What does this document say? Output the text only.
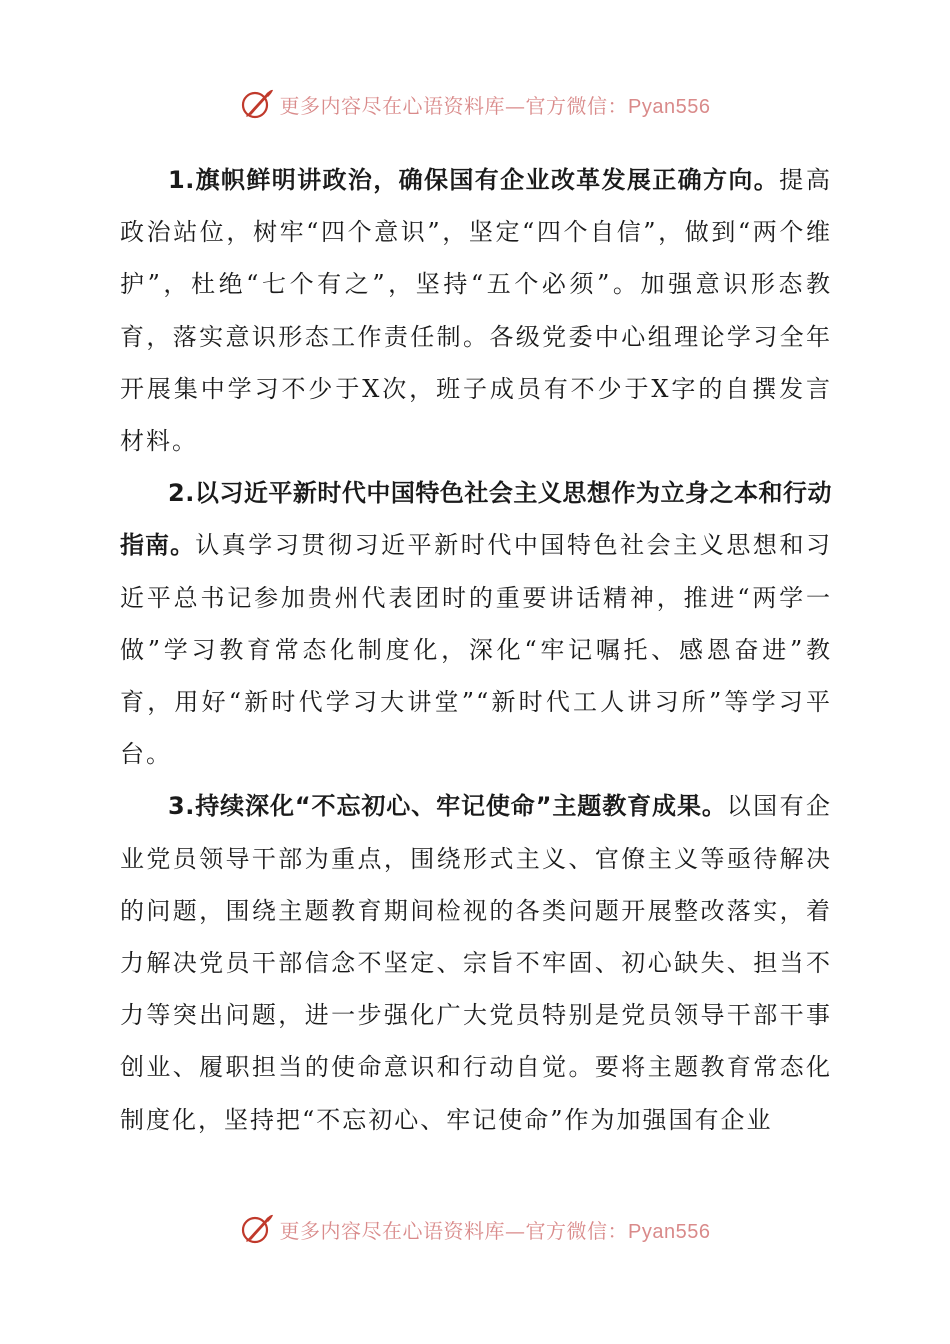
更多内容尽在心语资料库—官方微信：Pyan556

1.旗帜鲜明讲政治，确保国有企业改革发展正确方向。提高政治站位，树牢“四个意识”，坚定“四个自信”，做到“两个维护”，杜绝“七个有之”，坚持“五个必须”。加强意识形态教育，落实意识形态工作责任制。各级党委中心组理论学习全年开展集中学习不少于X次，班子成员有不少于X字的自撰发言材料。

2.以习近平新时代中国特色社会主义思想作为立身之本和行动指南。认真学习贯彻习近平新时代中国特色社会主义思想和习近平总书记参加贵州代表团时的重要讲话精神，推进“两学一做”学习教育常态化制度化，深化“牢记嘱托、感恩奋进”教育，用好“新时代学习大讲堂”“新时代工人讲习所”等学习平台。

3.持续深化“不忘初心、牢记使命”主题教育成果。以国有企业党员领导干部为重点，围绕形式主义、官僚主义等亟待解决的问题，围绕主题教育期间检视的各类问题开展整改落实，着力解决党员干部信念不坚定、宗旨不牢固、初心缺失、担当不力等突出问题，进一步强化广大党员特别是党员领导干部干事创业、履职担当的使命意识和行动自觉。要将主题教育常态化制度化，坚持把“不忘初心、牢记使命”作为加强国有企业

更多内容尽在心语资料库—官方微信：Pyan556
